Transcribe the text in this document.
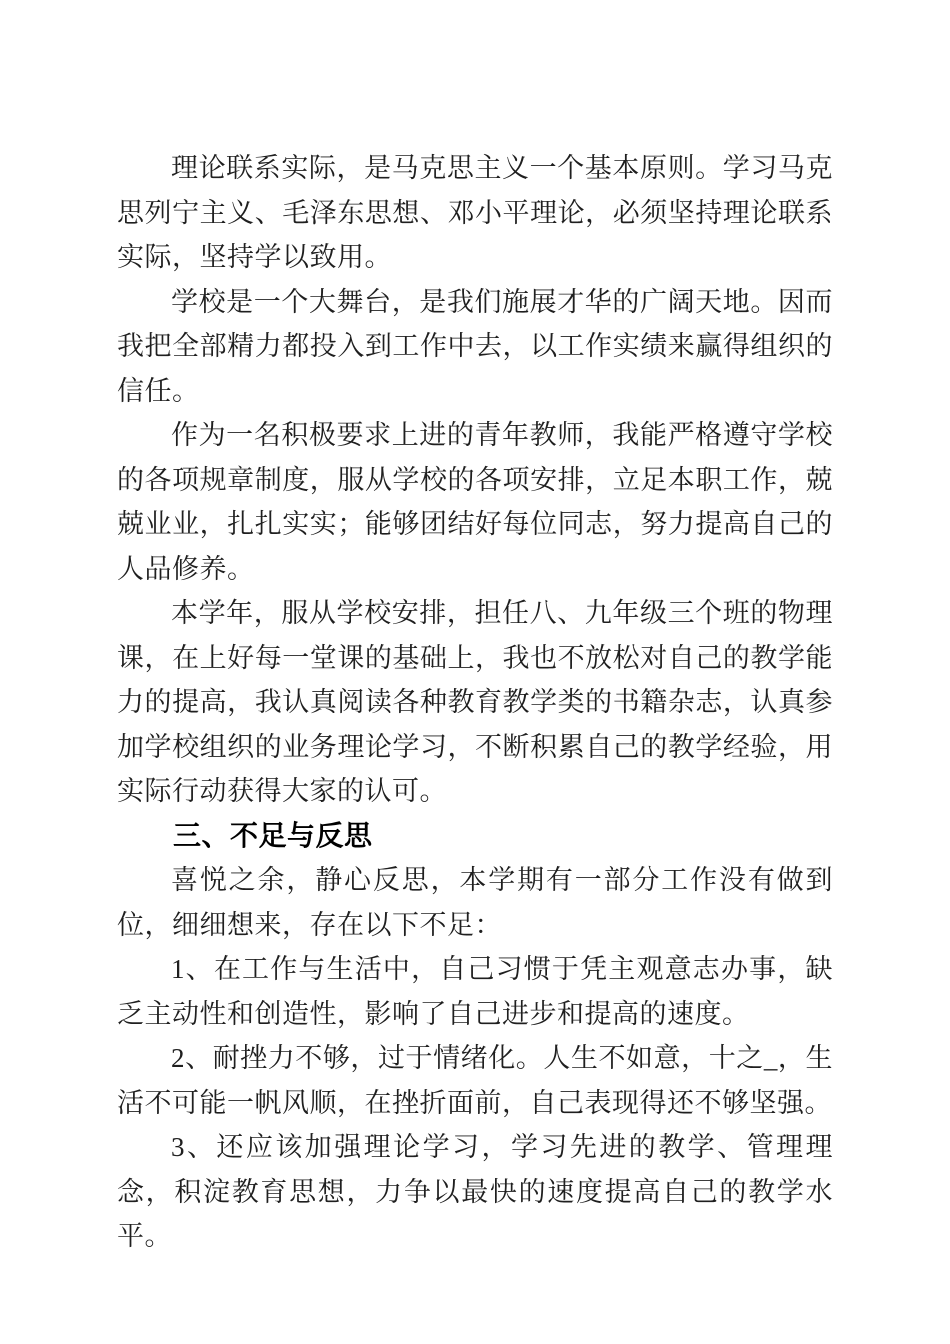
理论联系实际，是马克思主义一个基本原则。学习马克思列宁主义、毛泽东思想、邓小平理论，必须坚持理论联系实际，坚持学以致用。

学校是一个大舞台，是我们施展才华的广阔天地。因而我把全部精力都投入到工作中去，以工作实绩来赢得组织的信任。

作为一名积极要求上进的青年教师，我能严格遵守学校的各项规章制度，服从学校的各项安排，立足本职工作，兢兢业业，扎扎实实；能够团结好每位同志，努力提高自己的人品修养。

本学年，服从学校安排，担任八、九年级三个班的物理课，在上好每一堂课的基础上，我也不放松对自己的教学能力的提高，我认真阅读各种教育教学类的书籍杂志，认真参加学校组织的业务理论学习，不断积累自己的教学经验，用实际行动获得大家的认可。

三、不足与反思

喜悦之余，静心反思，本学期有一部分工作没有做到位，细细想来，存在以下不足：

1、在工作与生活中，自己习惯于凭主观意志办事，缺乏主动性和创造性，影响了自己进步和提高的速度。

2、耐挫力不够，过于情绪化。人生不如意，十之_，生活不可能一帆风顺，在挫折面前，自己表现得还不够坚强。

3、还应该加强理论学习，学习先进的教学、管理理念，积淀教育思想，力争以最快的速度提高自己的教学水平。
